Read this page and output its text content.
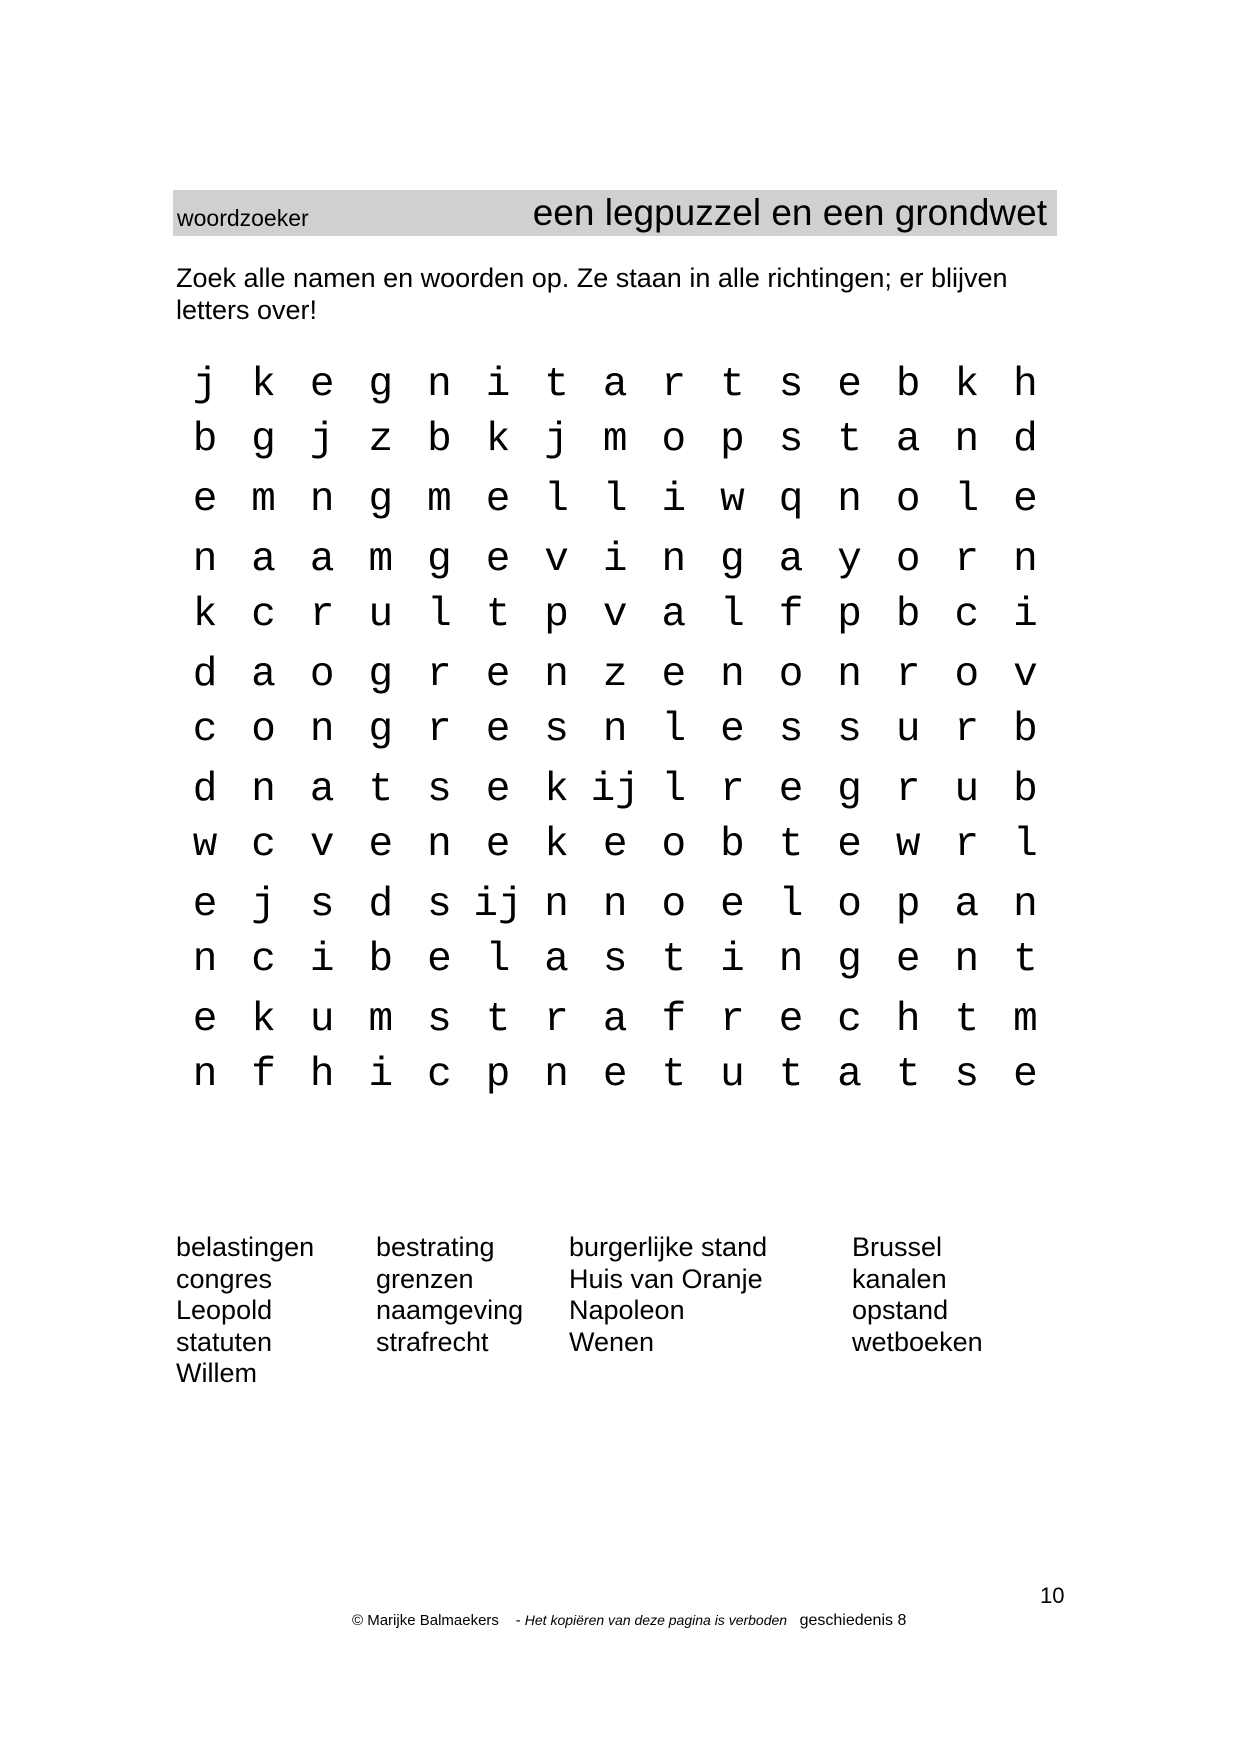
woordzoeker	een legpuzzel en een grondwet
Zoek alle namen en woorden op. Ze staan in alle richtingen; er blijven letters over!
j k e g n i t a r t s e b k h
b g j z b k j m o p s t a n d
e m n g m e l l i w q n o l e
n a a m g e v i n g a y o r n
k c r u l t p v a l f p b c i
d a o g r e n z e n o n r o v
c o n g r e s n l e s s u r b
d n a t s e k ij l r e g r u b
w c v e n e k e o b t e w r l
e j s d s ij n n o e l o p a n
n c i b e l a s t i n g e n t
e k u m s t r a f r e c h t m
n f h i c p n e t u t a t s e
belastingen
congres
Leopold
statuten
Willem
bestrating
grenzen
naamgeving
strafrecht
burgerlijke stand
Huis van Oranje
Napoleon
Wenen
Brussel
kanalen
opstand
wetboeken
10
© Marijke Balmaekers - Het kopiëren van deze pagina is verboden geschiedenis 8
